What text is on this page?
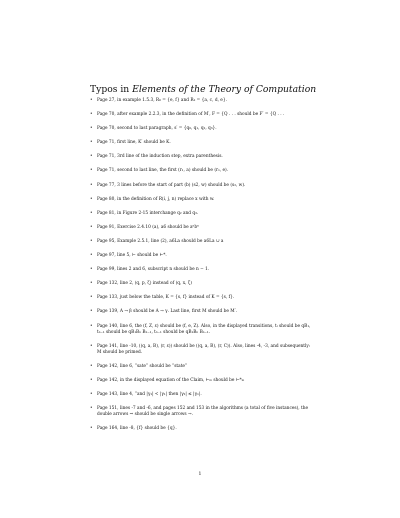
Typos in Elements of the Theory of Computation
• Page 27, in example 1.5.3, R₀ = {e, f} and R₂ = {a, c, d, e}.
• Page 70, after example 2.2.3, in the definition of M′, F = {Q . . . should be F′ = {Q . . .
• Page 70, second to last paragraph, s′ = {q₀, q₁, q₂, q₃}.
• Page 71, first line, K′ should be K.
• Page 71, 3rd line of the induction step, extra parenthesis.
• Page 71, second to last line, the first (r₁, a) should be (r₁, e).
• Page 77, 3 lines before the start of part (b) (s2, w) should be (s₂, w).
• Page 80, in the definition of R(i, j, n) replace x with w.
• Page 81, in Figure 2-15 interchange q₂ and q₃.
• Page 91, Exercise 2.4.10 (a), a6 should be aⁿbⁿ
• Page 95, Example 2.5.1, line (2), a6La should be a6La ∪ a
• Page 97, line 5, ⊢ should be ⊢*.
• Page 99, lines 2 and 6, subscript n should be n − 1.
• Page 132, line 2, (q, p, ζ) instead of (q, x, ζ)
• Page 133, just below the table, K = {s, f} instead of K = {s, f}.
• Page 139, A → β should be A → γ. Last line, first M should be M′.
• Page 140, line 6, the (f, Z, ε) should be (f, e, Z). Also, in the displayed transitions, tᵢ should be qB₁, tₙ₋₁ should be qB₁Bₙ Bₙ₋₁, tₙ₋₁ should be qB₁Bₙ Bₙ₋₁.
• Page 141, line -10, ((q, a, B), (r, ε)) should be ((q, a, B), (r, C)). Also, lines -4, -3, and subsequently: M should be primed.
• Page 142, line 6, “sate” should be “state”
• Page 142, in the displayed equation of the Claim, ⊢ₘ should be ⊢*ₘ
• Page 143, line 4, “and |γ₁| < |γ₁| then |γ₂| ≤ |γ₁|.
• Page 151, lines -7 and -6, and pages 152 and 153 in the algorithms (a total of five instances), the double arrows ⇒ should be single arrows →.
• Page 164, line -8, {f} should be {q}.
1
